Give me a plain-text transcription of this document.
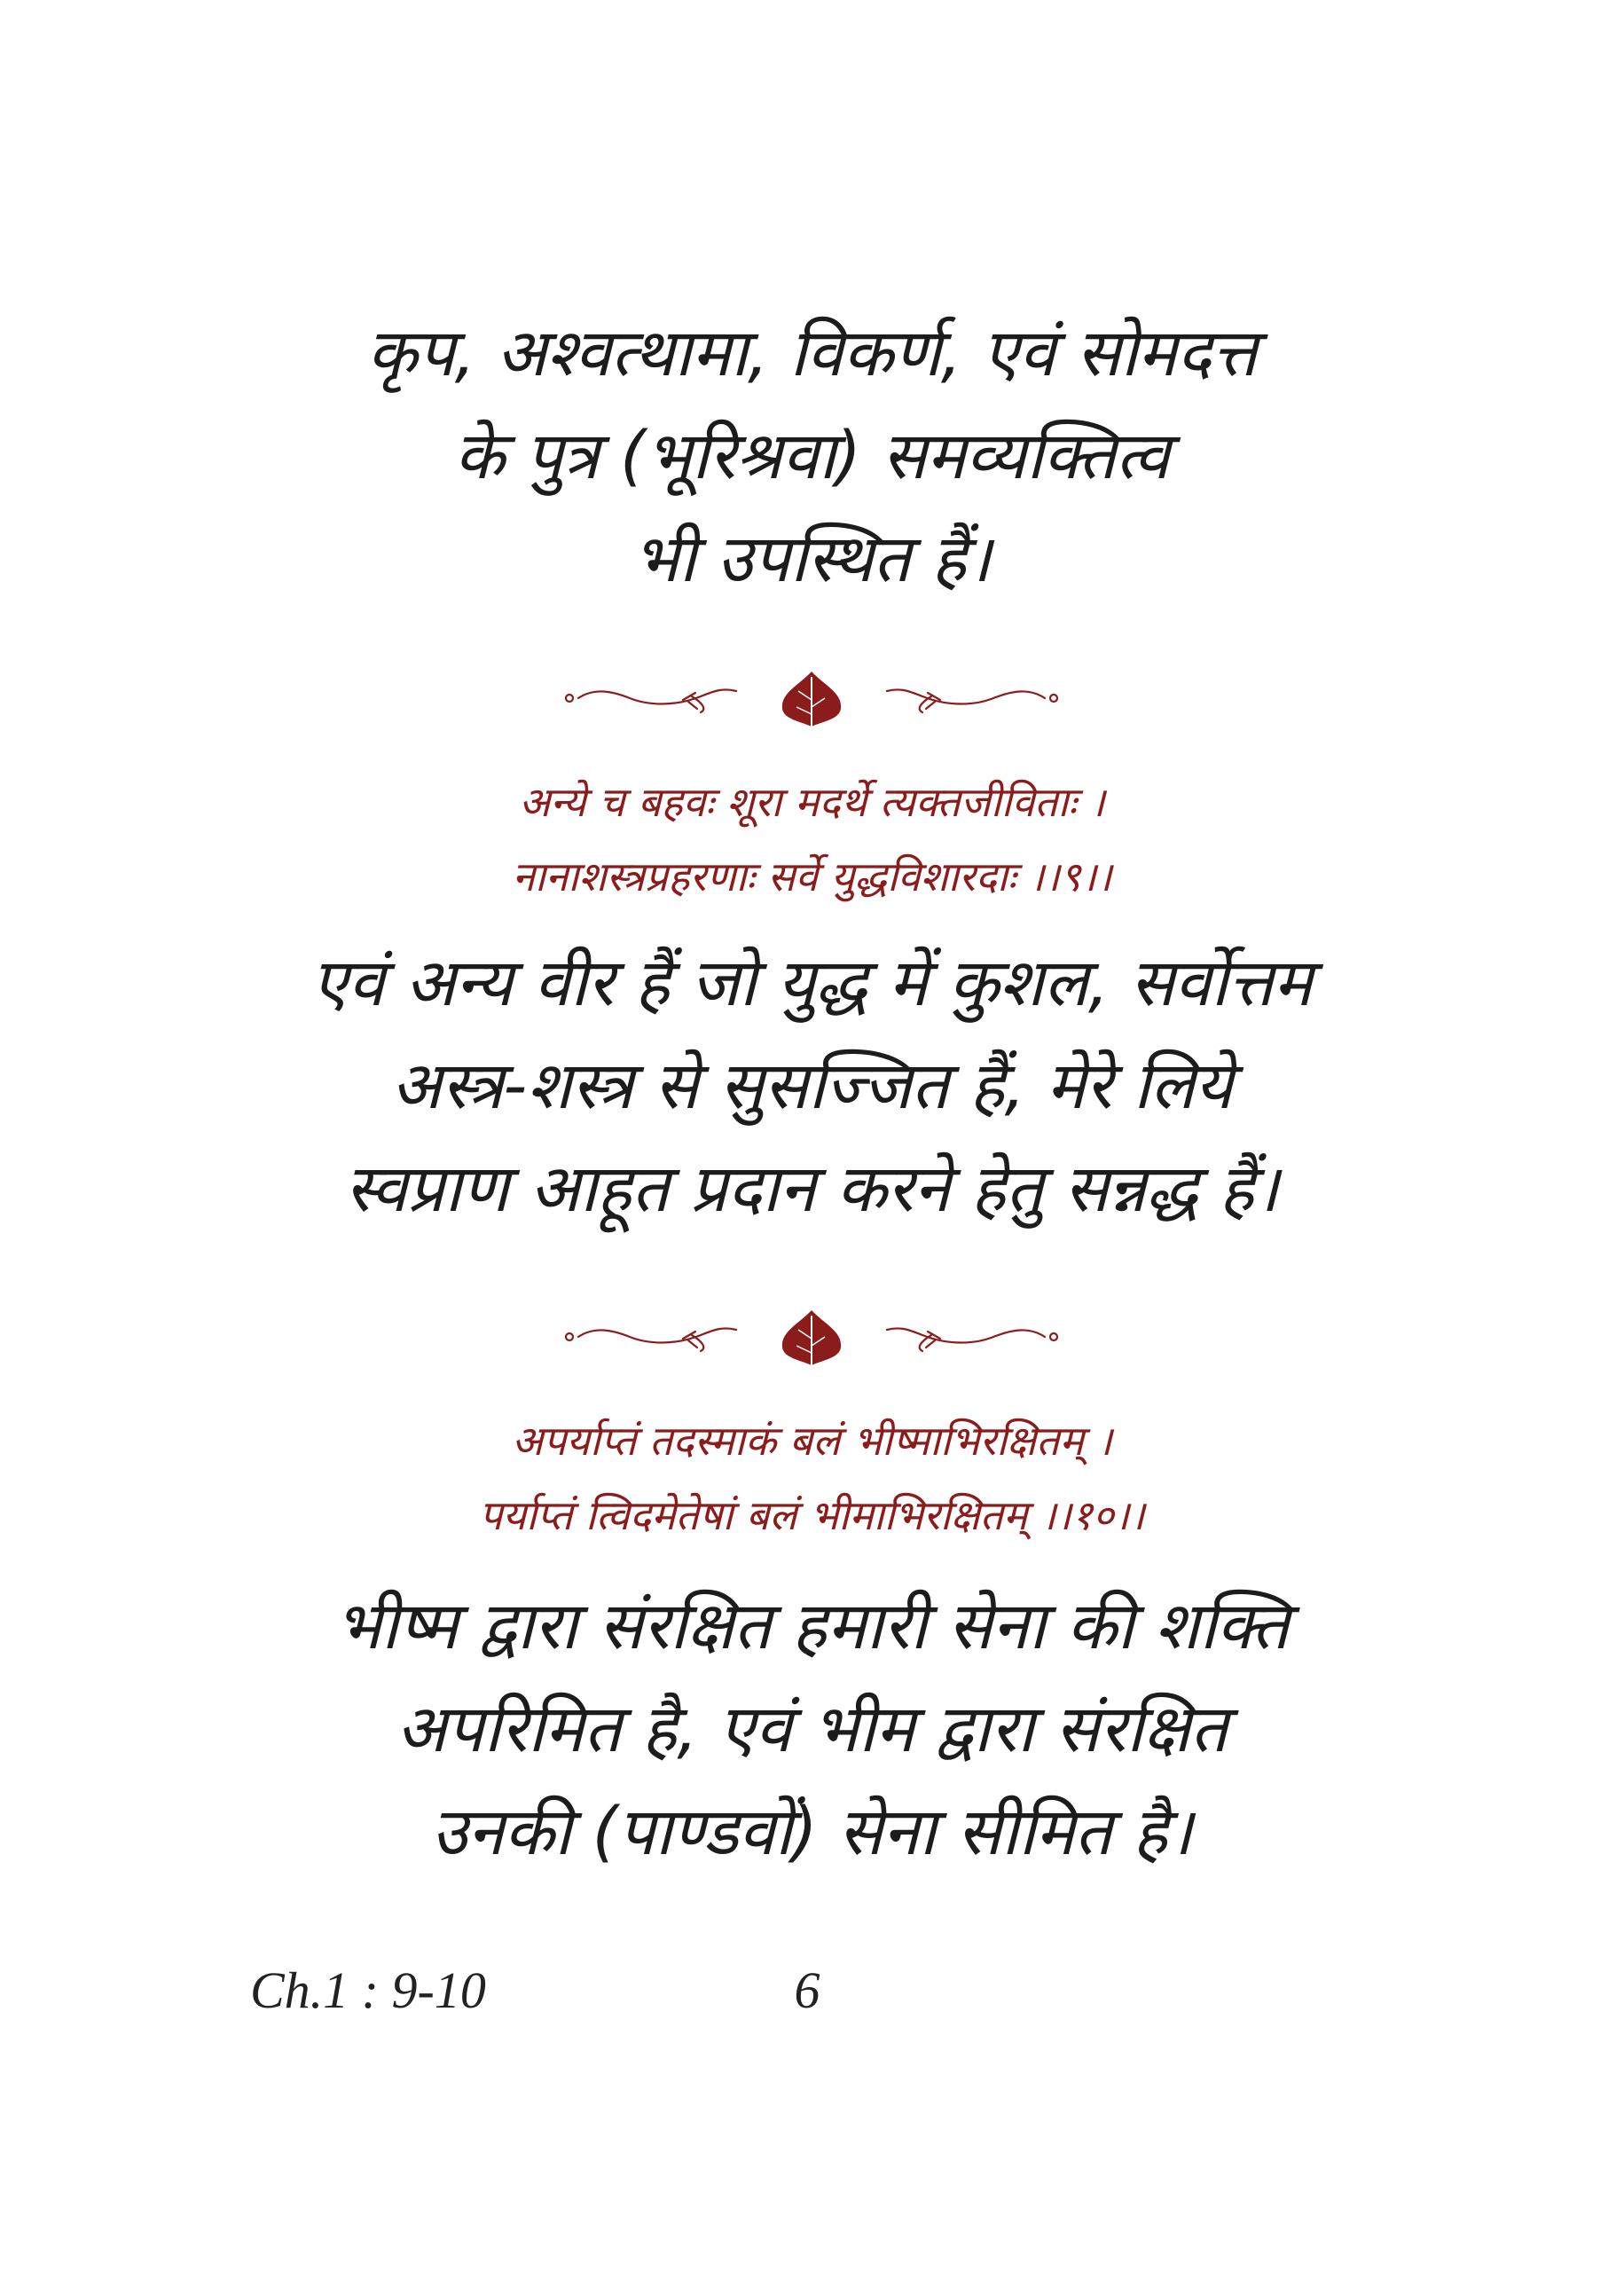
कृप, अश्वत्थामा, विकर्ण, एवं सोमदत्त
के पुत्र (भूरिश्रवा) समव्यक्तित्व
भी उपस्थित हैं।
अन्ये च बहवः शूरा मदर्थे त्यक्तजीविताः ।
नानाशस्त्रप्रहरणाः सर्वे युद्धविशारदाः ।।९।।
एवं अन्य वीर हैं जो युद्ध में कुशल, सर्वोत्तम
अस्त्र-शस्त्र से सुसज्जित हैं, मेरे लिये
स्वप्राण आहूत प्रदान करने हेतु सन्नद्ध हैं।
अपर्याप्तं तदस्माकं बलं भीष्माभिरक्षितम् ।
पर्याप्तं त्विदमेतेषां बलं भीमाभिरक्षितम् ।।१०।।
भीष्म द्वारा संरक्षित हमारी सेना की शक्ति
अपरिमित है, एवं भीम द्वारा संरक्षित
उनकी (पाण्डवों) सेना सीमित है।
Ch.1 : 9-10	6
